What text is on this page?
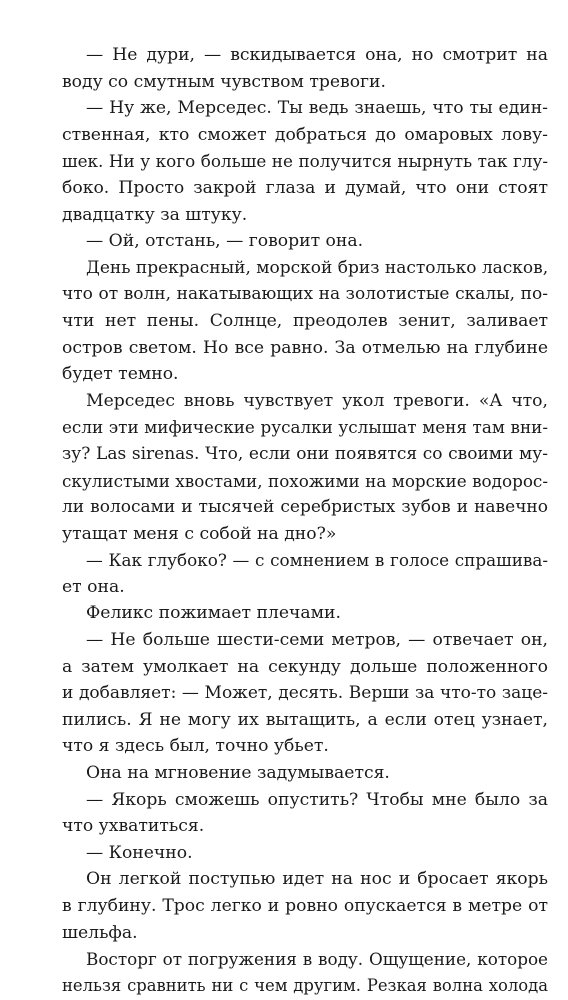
— Не дури, — вскидывается она, но смотрит на
воду со смутным чувством тревоги.
— Ну же, Мерседес. Ты ведь знаешь, что ты един-
ственная, кто сможет добраться до омаровых лову-
шек. Ни у кого больше не получится нырнуть так глу-
боко. Просто закрой глаза и думай, что они стоят
двадцатку за штуку.
— Ой, отстань, — говорит она.
День прекрасный, морской бриз настолько ласков,
что от волн, накатывающих на золотистые скалы, по-
чти нет пены. Солнце, преодолев зенит, заливает
остров светом. Но все равно. За отмелью на глубине
будет темно.
Мерседес вновь чувствует укол тревоги. «А что,
если эти мифические русалки услышат меня там вни-
зу? Las sirenas. Что, если они появятся со своими му-
скулистыми хвостами, похожими на морские водорос-
ли волосами и тысячей серебристых зубов и навечно
утащат меня с собой на дно?»
— Как глубоко? — с сомнением в голосе спрашива-
ет она.
Феликс пожимает плечами.
— Не больше шести-семи метров, — отвечает он,
а затем умолкает на секунду дольше положенного
и добавляет: — Может, десять. Верши за что-то заце-
пились. Я не могу их вытащить, а если отец узнает,
что я здесь был, точно убьет.
Она на мгновение задумывается.
— Якорь сможешь опустить? Чтобы мне было за
что ухватиться.
— Конечно.
Он легкой поступью идет на нос и бросает якорь
в глубину. Трос легко и ровно опускается в метре от
шельфа.
Восторг от погружения в воду. Ощущение, которое
нельзя сравнить ни с чем другим. Резкая волна холода
